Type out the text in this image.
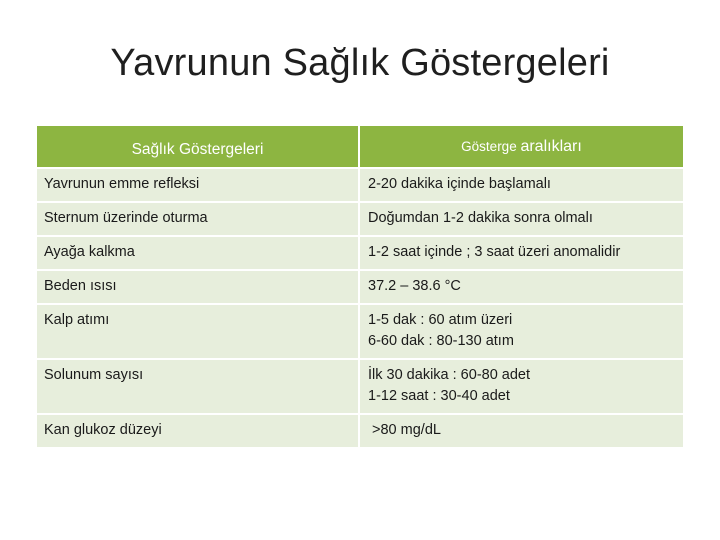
Yavrunun Sağlık Göstergeleri
Sağlık Göstergeleri	Gösterge aralıkları
Yavrunun emme refleksi	2-20 dakika içinde başlamalı

Sternum üzerinde oturma	Doğumdan 1-2 dakika sonra olmalı

Ayağa kalkma	1-2 saat içinde ; 3 saat üzeri anomalidir

Beden ısısı	37.2 – 38.6 °C

Kalp atımı	1-5 dak : 60 atım üzeri
6-60 dak : 80-130 atım

Solunum sayısı	İlk 30 dakika : 60-80 adet
1-12 saat : 30-40 adet

Kan glukoz düzeyi	>80 mg/dL
